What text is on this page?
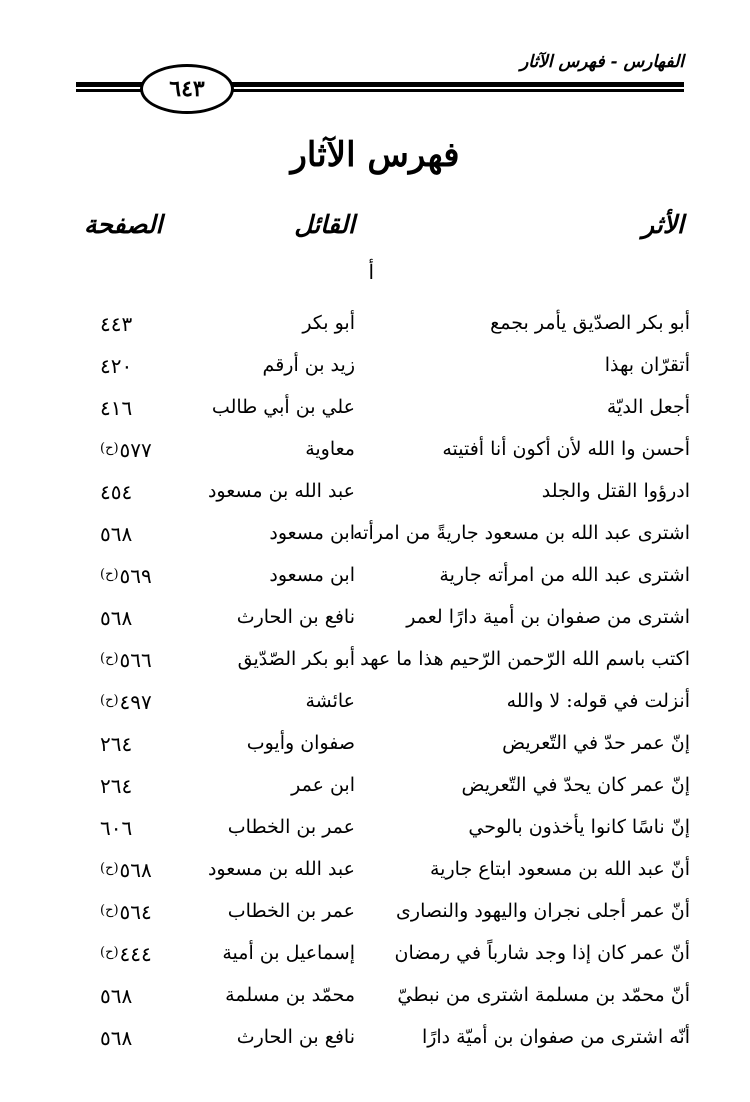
الفهارس - فهرس الآثار
٦٤٣
فهرس الآثار
الأثر
القائل
الصفحة
أ
أبو بكر الصدّيق يأمر بجمع
أبو بكر
٤٤٣
أتقرّان بهذا
زيد بن أرقم
٤٢٠
أجعل الديّة
علي بن أبي طالب
٤١٦
أحسن وا الله لأن أكون أنا أفتيته
معاوية
$٥٧٧^{(ح)}$
ادرؤوا القتل والجلد
عبد الله بن مسعود
٤٥٤
اشترى عبد الله بن مسعود جاريةً من امرأته
ابن مسعود
٥٦٨
اشترى عبد الله من امرأته جارية
ابن مسعود
$٥٦٩^{(ح)}$
اشترى من صفوان بن أمية دارًا لعمر
نافع بن الحارث
٥٦٨
اكتب باسم الله الرّحمن الرّحيم هذا ما عهد
أبو بكر الصّدّيق
$٥٦٦^{(ح)}$
أنزلت في قوله: لا والله
عائشة
$٤٩٧^{(ح)}$
إنّ عمر حدّ في التّعريض
صفوان وأيوب
٢٦٤
إنّ عمر كان يحدّ في التّعريض
ابن عمر
٢٦٤
إنّ ناسًا كانوا يأخذون بالوحي
عمر بن الخطاب
٦٠٦
أنّ عبد الله بن مسعود ابتاع جارية
عبد الله بن مسعود
$٥٦٨^{(ح)}$
أنّ عمر أجلى نجران واليهود والنصارى
عمر بن الخطاب
$٥٦٤^{(ح)}$
أنّ عمر كان إذا وجد شارباً في رمضان
إسماعيل بن أمية
$٤٤٤^{(ح)}$
أنّ محمّد بن مسلمة اشترى من نبطيّ
محمّد بن مسلمة
٥٦٨
أنّه اشترى من صفوان بن أميّة دارًا
نافع بن الحارث
٥٦٨
